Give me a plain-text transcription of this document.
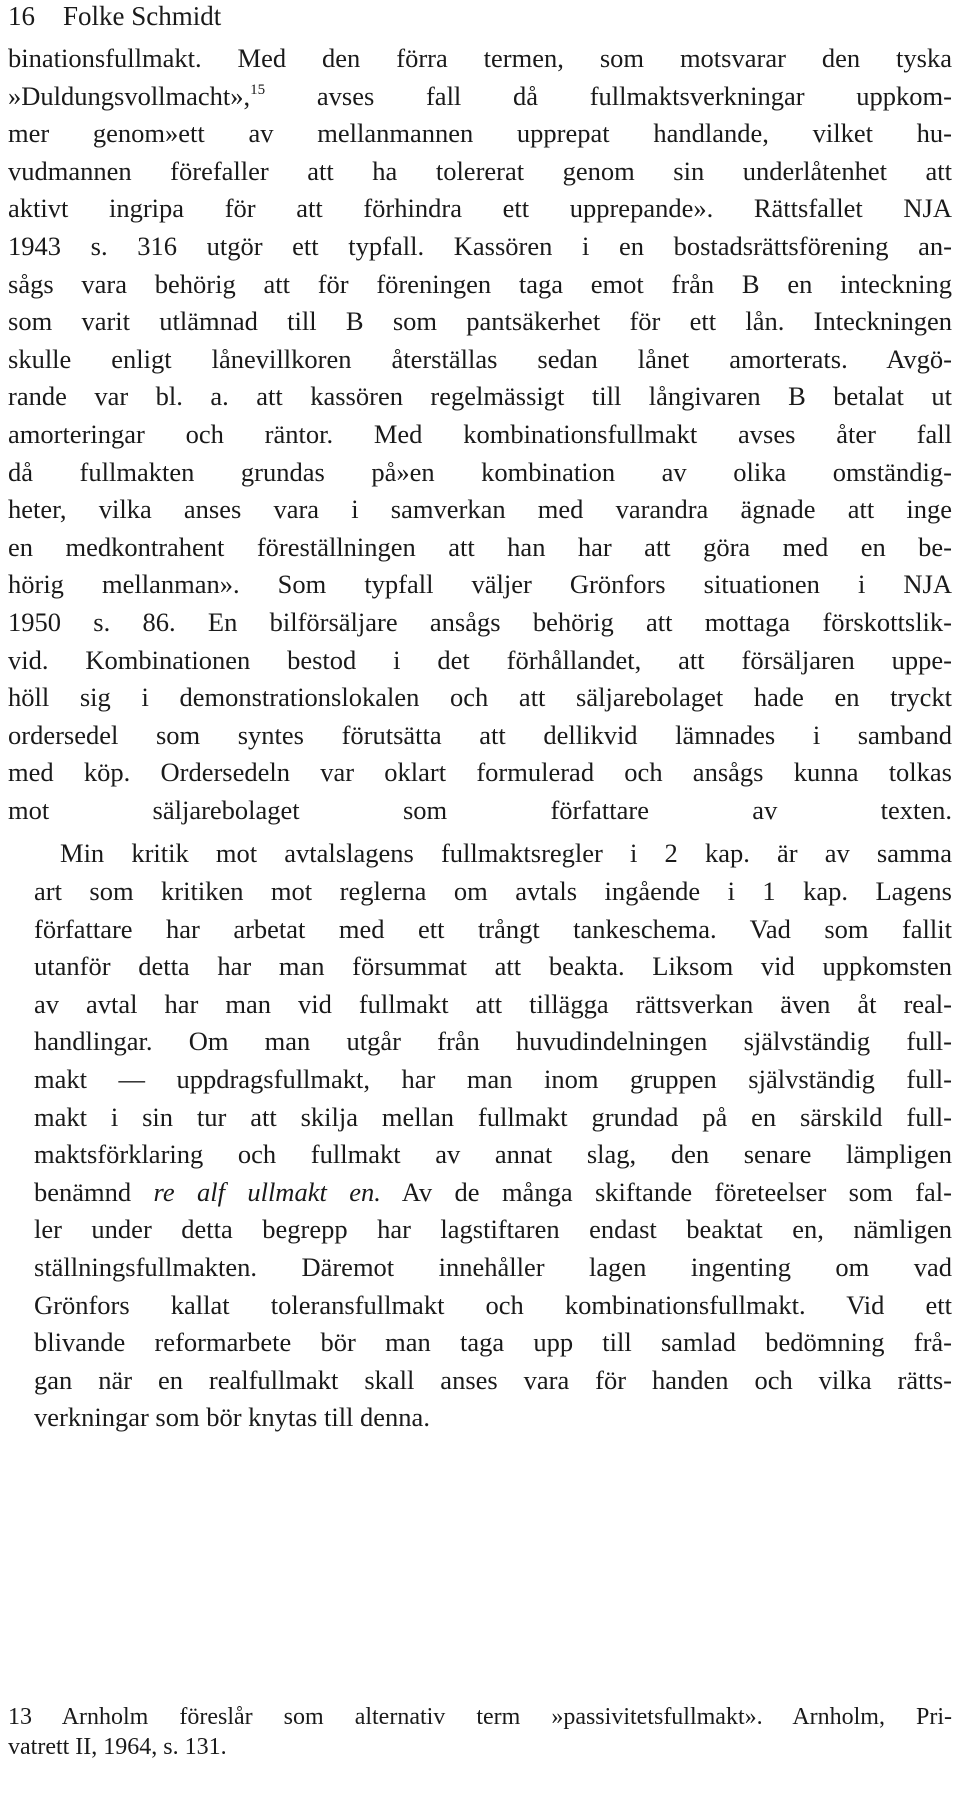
16 Folke Schmidt

binationsfullmakt. Med den förra termen, som motsvarar den tyska
»Duldungsvollmacht»,$^{15}$ avses fall då fullmaktsverkningar uppkom-
mer genom»ett av mellanmannen upprepat handlande, vilket hu-
vudmannen förefaller att ha tolererat genom sin underlåtenhet att
aktivt ingripa för att förhindra ett upprepande». Rättsfallet NJA
1943 s. 316 utgör ett typfall. Kassören i en bostadsrättsförening an-
sågs vara behörig att för föreningen taga emot från B en inteckning
som varit utlämnad till B som pantsäkerhet för ett lån. Inteckningen
skulle enligt lånevillkoren återställas sedan lånet amorterats. Avgö-
rande var bl. a. att kassören regelmässigt till långivaren B betalat ut
amorteringar och räntor. Med kombinationsfullmakt avses åter fall
då fullmakten grundas på»en kombination av olika omständig-
heter, vilka anses vara i samverkan med varandra ägnade att inge
en medkontrahent föreställningen att han har att göra med en be-
hörig mellanman». Som typfall väljer Grönfors situationen i NJA
1950 s. 86. En bilförsäljare ansågs behörig att mottaga förskottslik-
vid. Kombinationen bestod i det förhållandet, att försäljaren uppe-
höll sig i demonstrationslokalen och att säljarebolaget hade en tryckt
ordersedel som syntes förutsätta att dellikvid lämnades i samband
med köp. Ordersedeln var oklart formulerad och ansågs kunna tolkas
mot säljarebolaget som författare av texten.

Min kritik mot avtalslagens fullmaktsregler i 2 kap. är av samma
art som kritiken mot reglerna om avtals ingående i 1 kap. Lagens
författare har arbetat med ett trångt tankeschema. Vad som fallit
utanför detta har man försummat att beakta. Liksom vid uppkomsten
av avtal har man vid fullmakt att tillägga rättsverkan även åt real-
handlingar. Om man utgår från huvudindelningen självständig full-
makt — uppdragsfullmakt, har man inom gruppen självständig full-
makt i sin tur att skilja mellan fullmakt grundad på en särskild full-
maktsförklaring och fullmakt av annat slag, den senare lämpligen
benämnd re alf ullmakt en. Av de många skiftande företeelser som fal-
ler under detta begrepp har lagstiftaren endast beaktat en, nämligen
ställningsfullmakten. Däremot innehåller lagen ingenting om vad
Grönfors kallat toleransfullmakt och kombinationsfullmakt. Vid ett
blivande reformarbete bör man taga upp till samlad bedömning frå-
gan när en realfullmakt skall anses vara för handen och vilka rätts-
verkningar som bör knytas till denna.

13 Arnholm föreslår som alternativ term »passivitetsfullmakt». Arnholm, Pri-
vatrett II, 1964, s. 131.
